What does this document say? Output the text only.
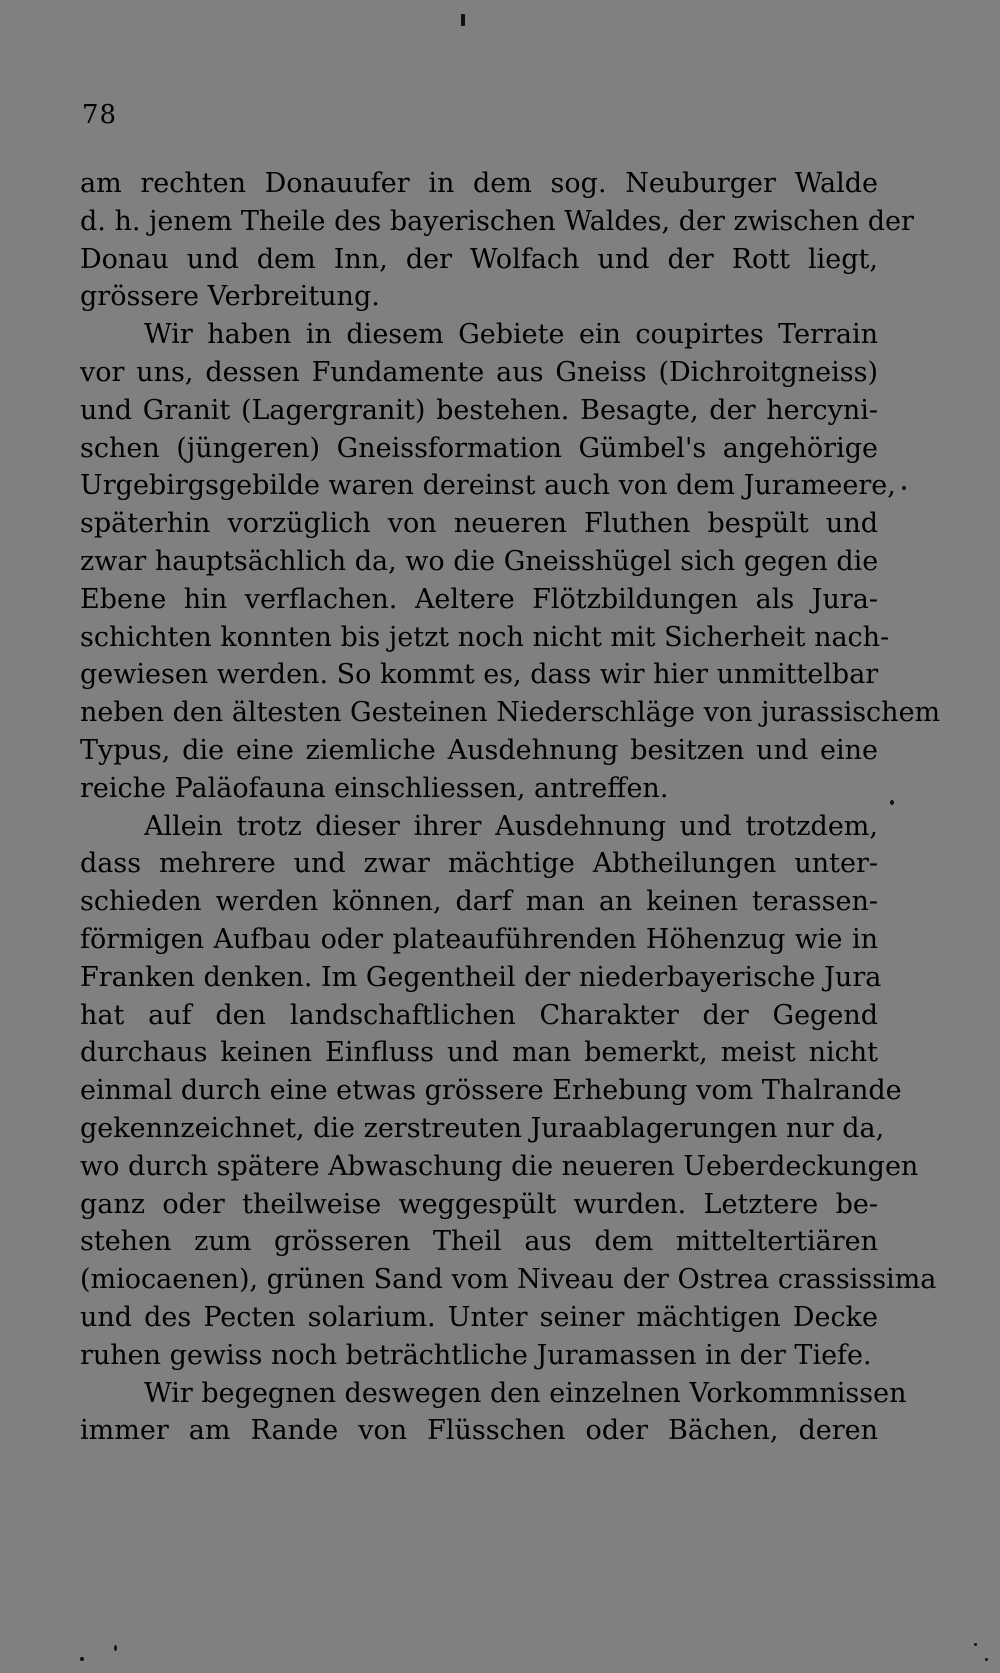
78
am rechten Donauufer in dem sog. Neuburger Walde
d. h. jenem Theile des bayerischen Waldes, der zwischen der
Donau und dem Inn, der Wolfach und der Rott liegt,
grössere Verbreitung.
Wir haben in diesem Gebiete ein coupirtes Terrain
vor uns, dessen Fundamente aus Gneiss (Dichroitgneiss)
und Granit (Lagergranit) bestehen. Besagte, der hercyni-
schen (jüngeren) Gneissformation Gümbel's angehörige
Urgebirgsgebilde waren dereinst auch von dem Jurameere,
späterhin vorzüglich von neueren Fluthen bespült und
zwar hauptsächlich da, wo die Gneisshügel sich gegen die
Ebene hin verflachen. Aeltere Flötzbildungen als Jura-
schichten konnten bis jetzt noch nicht mit Sicherheit nach-
gewiesen werden. So kommt es, dass wir hier unmittelbar
neben den ältesten Gesteinen Niederschläge von jurassischem
Typus, die eine ziemliche Ausdehnung besitzen und eine
reiche Paläofauna einschliessen, antreffen.
Allein trotz dieser ihrer Ausdehnung und trotzdem,
dass mehrere und zwar mächtige Abtheilungen unter-
schieden werden können, darf man an keinen terassen-
förmigen Aufbau oder plateauführenden Höhenzug wie in
Franken denken. Im Gegentheil der niederbayerische Jura
hat auf den landschaftlichen Charakter der Gegend
durchaus keinen Einfluss und man bemerkt, meist nicht
einmal durch eine etwas grössere Erhebung vom Thalrande
gekennzeichnet, die zerstreuten Juraablagerungen nur da,
wo durch spätere Abwaschung die neueren Ueberdeckungen
ganz oder theilweise weggespült wurden. Letztere be-
stehen zum grösseren Theil aus dem mitteltertiären
(miocaenen), grünen Sand vom Niveau der Ostrea crassissima
und des Pecten solarium. Unter seiner mächtigen Decke
ruhen gewiss noch beträchtliche Juramassen in der Tiefe.
Wir begegnen deswegen den einzelnen Vorkommnissen
immer am Rande von Flüsschen oder Bächen, deren
